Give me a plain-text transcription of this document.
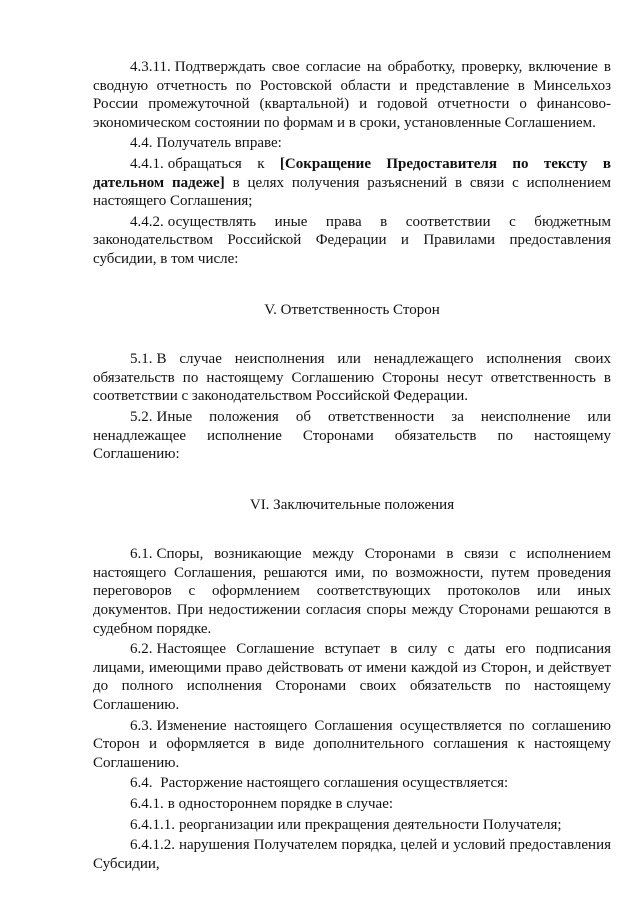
4.3.11. Подтверждать свое согласие на обработку, проверку, включение в сводную отчетность по Ростовской области и представление в Минсельхоз России промежуточной (квартальной) и годовой отчетности о финансово-экономическом состоянии по формам и в сроки, установленные Соглашением.

4.4. Получатель вправе:

4.4.1. обращаться к [Сокращение Предоставителя по тексту в дательном падеже] в целях получения разъяснений в связи с исполнением настоящего Соглашения;

4.4.2. осуществлять иные права в соответствии с бюджетным законодательством Российской Федерации и Правилами предоставления субсидии, в том числе:

V. Ответственность Сторон

5.1. В случае неисполнения или ненадлежащего исполнения своих обязательств по настоящему Соглашению Стороны несут ответственность в соответствии с законодательством Российской Федерации.

5.2. Иные положения об ответственности за неисполнение или ненадлежащее исполнение Сторонами обязательств по настоящему Соглашению:

VI. Заключительные положения

6.1. Споры, возникающие между Сторонами в связи с исполнением настоящего Соглашения, решаются ими, по возможности, путем проведения переговоров с оформлением соответствующих протоколов или иных документов. При недостижении согласия споры между Сторонами решаются в судебном порядке.

6.2. Настоящее Соглашение вступает в силу с даты его подписания лицами, имеющими право действовать от имени каждой из Сторон, и действует до полного исполнения Сторонами своих обязательств по настоящему Соглашению.

6.3. Изменение настоящего Соглашения осуществляется по соглашению Сторон и оформляется в виде дополнительного соглашения к настоящему Соглашению.

6.4. Расторжение настоящего соглашения осуществляется:

6.4.1. в одностороннем порядке в случае:

6.4.1.1. реорганизации или прекращения деятельности Получателя;

6.4.1.2. нарушения Получателем порядка, целей и условий предоставления Субсидии,
